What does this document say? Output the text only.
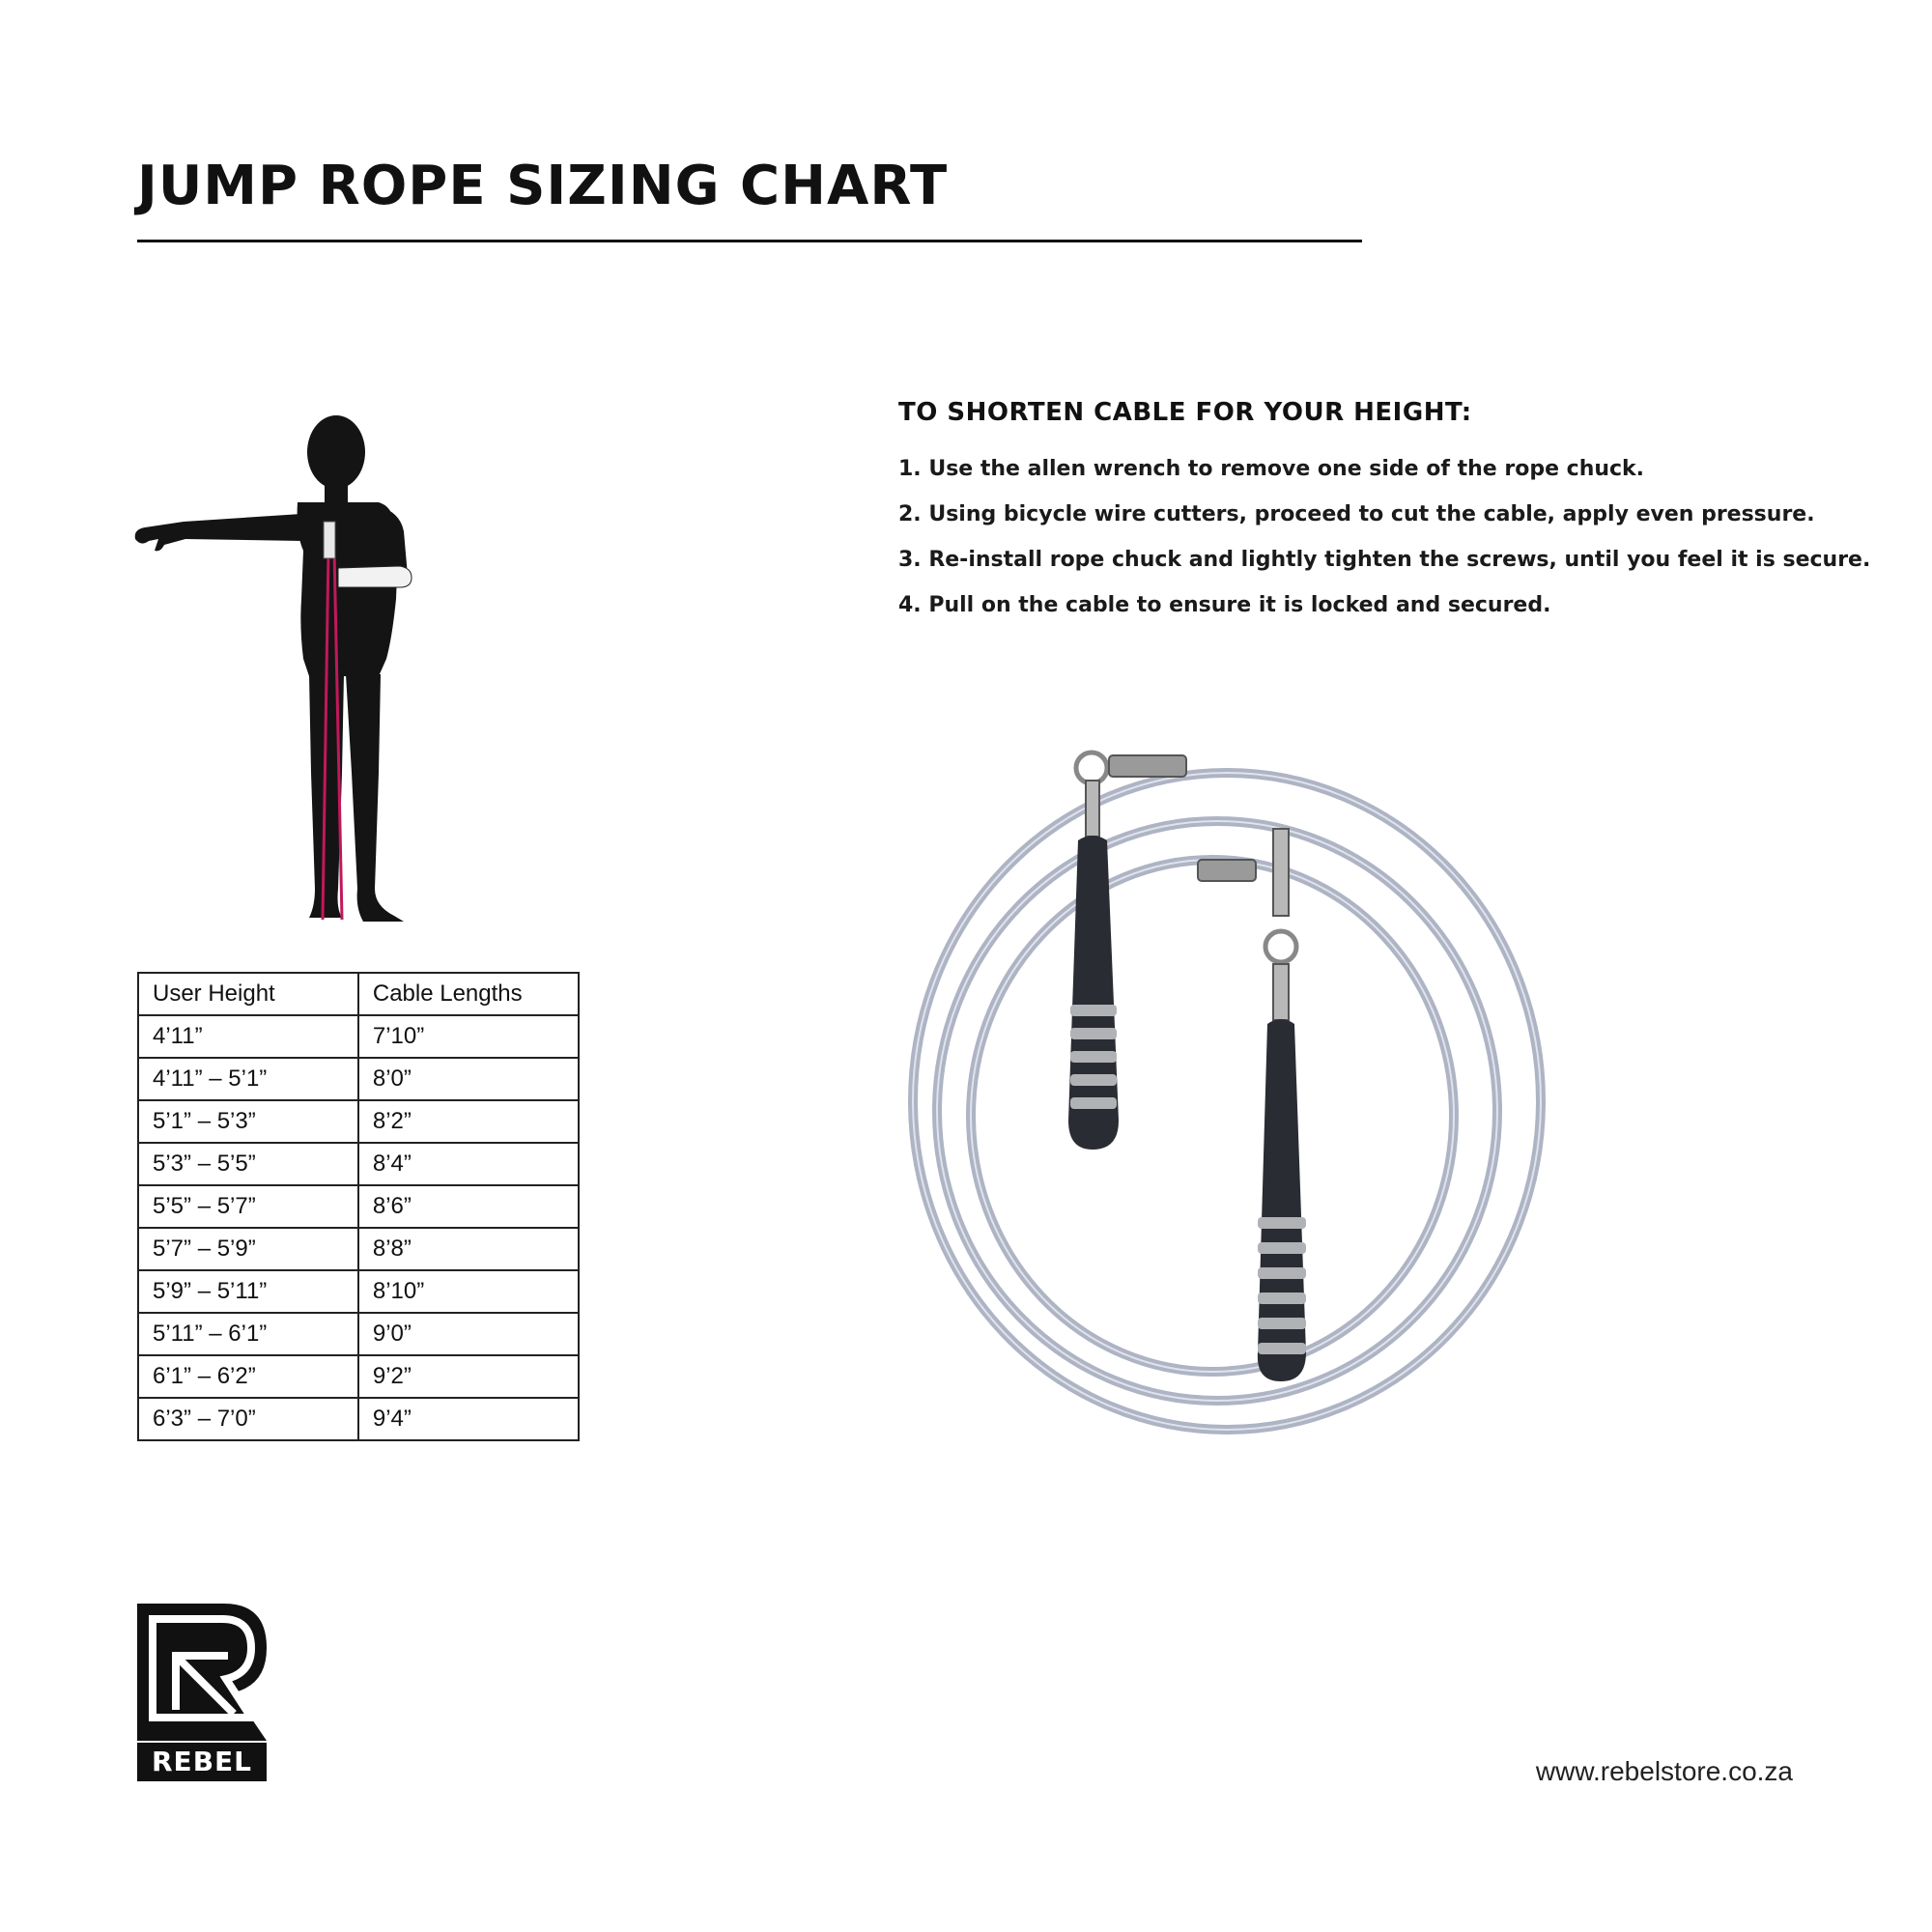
JUMP ROPE SIZING CHART
User Height	Cable Lengths
4’11”	7’10”
4’11” – 5’1”	8’0”
5’1” – 5’3”	8’2”
5’3” – 5’5”	8’4”
5’5” – 5’7”	8’6”
5’7” – 5’9”	8’8”
5’9” – 5’11”	8’10”
5’11” – 6’1”	9’0”
6’1” – 6’2”	9’2”
6’3” – 7’0”	9’4”
TO SHORTEN CABLE FOR YOUR HEIGHT:
1. Use the allen wrench to remove one side of the rope chuck.
2. Using bicycle wire cutters, proceed to cut the cable, apply even pressure.
3. Re-install rope chuck and lightly tighten the screws, until you feel it is secure.
4. Pull on the cable to ensure it is locked and secured.
REBEL	www.rebelstore.co.za
